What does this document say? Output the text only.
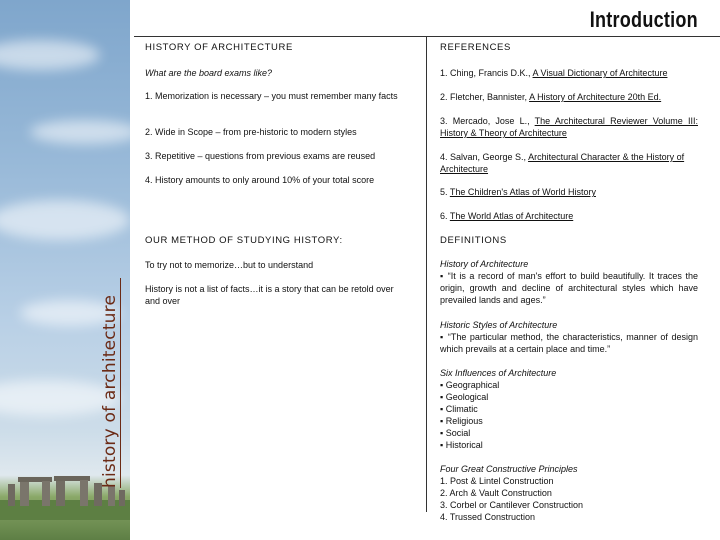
history of architecture
Introduction
HISTORY OF ARCHITECTURE
What are the board exams like?
1. Memorization is necessary – you must remember many facts
2. Wide in Scope – from pre-historic to modern styles
3. Repetitive – questions from previous exams are reused
4. History amounts to only around 10% of your total score
OUR METHOD OF STUDYING HISTORY:
To try not to memorize…but to understand
History is not a list of facts…it is a story that can be retold over and over
REFERENCES
1. Ching, Francis D.K., A Visual Dictionary of Architecture
2. Fletcher, Bannister, A History of Architecture 20th Ed.
3. Mercado, Jose L., The Architectural Reviewer Volume III: History & Theory of Architecture
4. Salvan, George S., Architectural Character & the History of Architecture
5. The Children's Atlas of World History
6. The World Atlas of Architecture
DEFINITIONS
History of Architecture
▪ “It is a record of man's effort to build beautifully. It traces the origin, growth and decline of architectural styles which have prevailed lands and ages.”
Historic Styles of Architecture
▪ “The particular method, the characteristics, manner of design which prevails at a certain place and time.”
Six Influences of Architecture
▪ Geographical
▪ Geological
▪ Climatic
▪ Religious
▪ Social
▪ Historical
Four Great Constructive Principles
1. Post & Lintel Construction
2. Arch & Vault Construction
3. Corbel or Cantilever Construction
4. Trussed Construction
